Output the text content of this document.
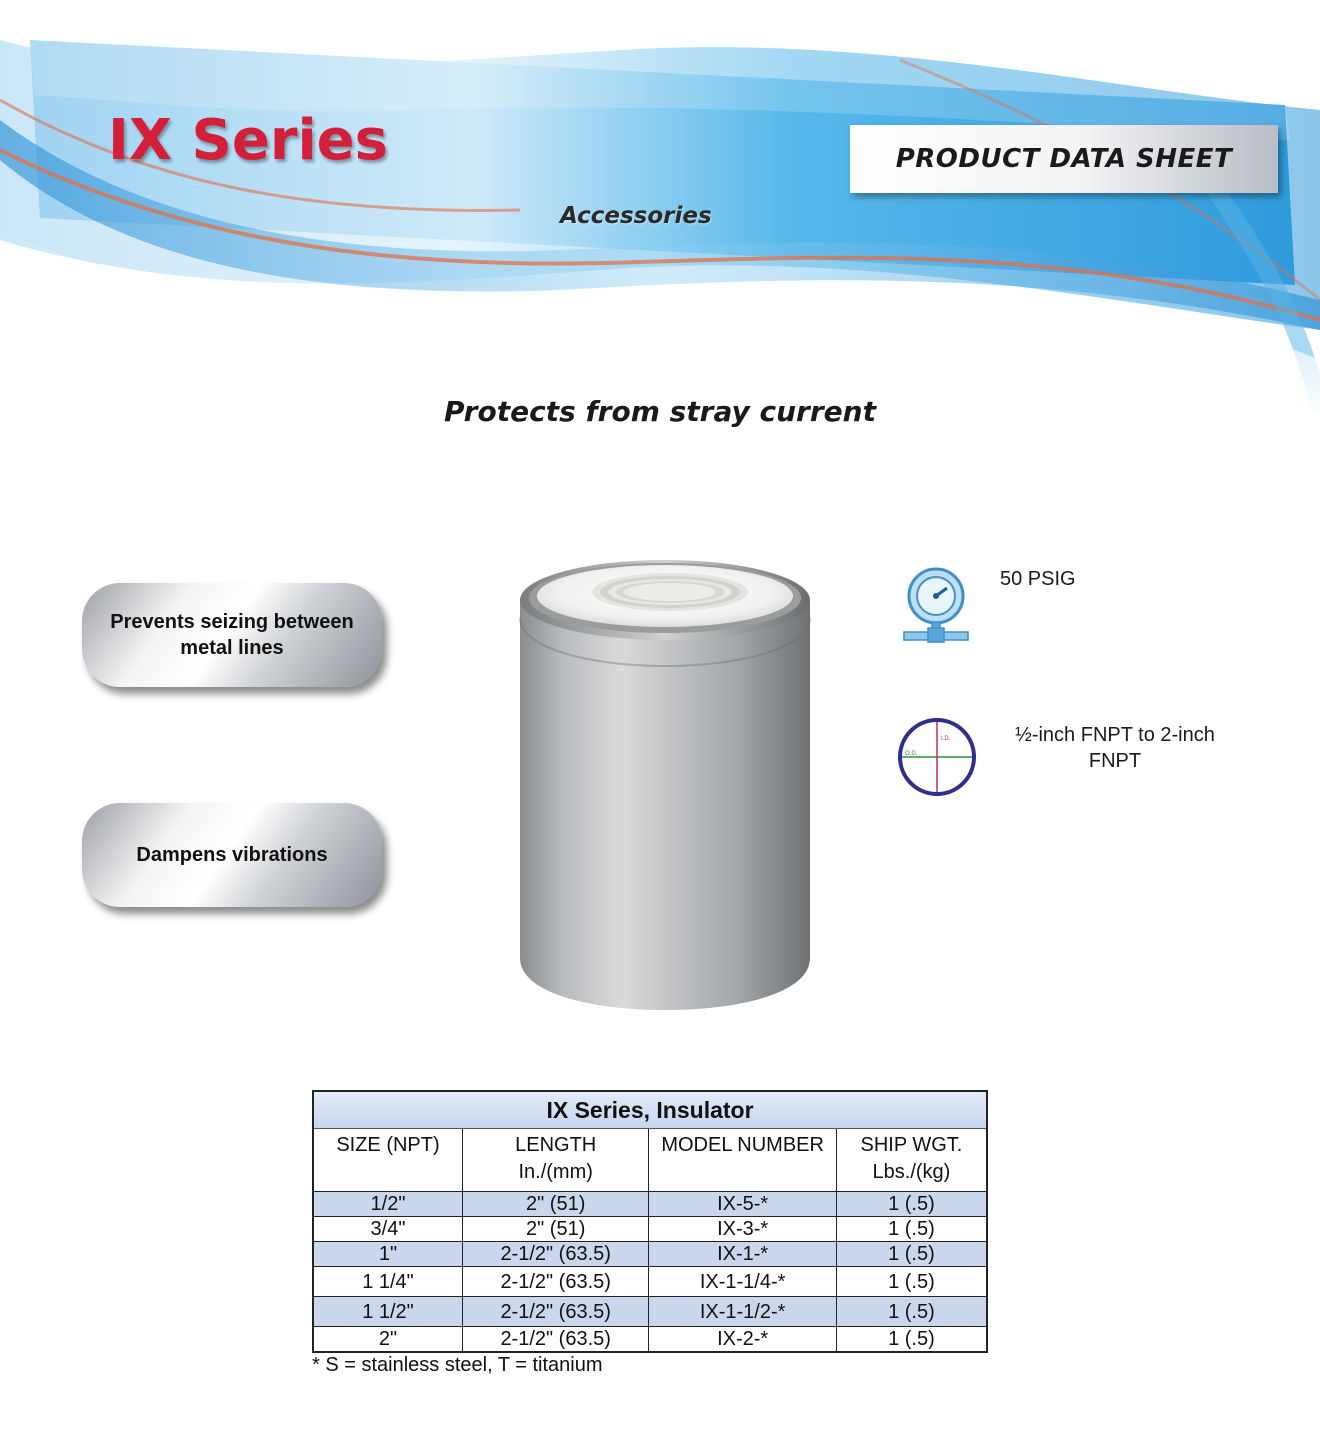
IX Series	PRODUCT DATA SHEET
Accessories
Protects from stray current
Prevents seizing between metal lines
Dampens vibrations
50 PSIG
I.D.
O.D.
½-inch FNPT to 2-inch FNPT
IX Series, Insulator			
SIZE (NPT)	LENGTH	MODEL NUMBER	SHIP WGT.
	In./(mm)		Lbs./(kg)
1/2"	2" (51)	IX-5-*	1 (.5)
3/4"	2" (51)	IX-3-*	1 (.5)
1"	2-1/2" (63.5)	IX-1-*	1 (.5)
1 1/4"	2-1/2" (63.5)	IX-1-1/4-*	1 (.5)
1 1/2"	2-1/2" (63.5)	IX-1-1/2-*	1 (.5)
2"	2-1/2" (63.5)	IX-2-*	1 (.5)
* S = stainless steel, T = titanium
